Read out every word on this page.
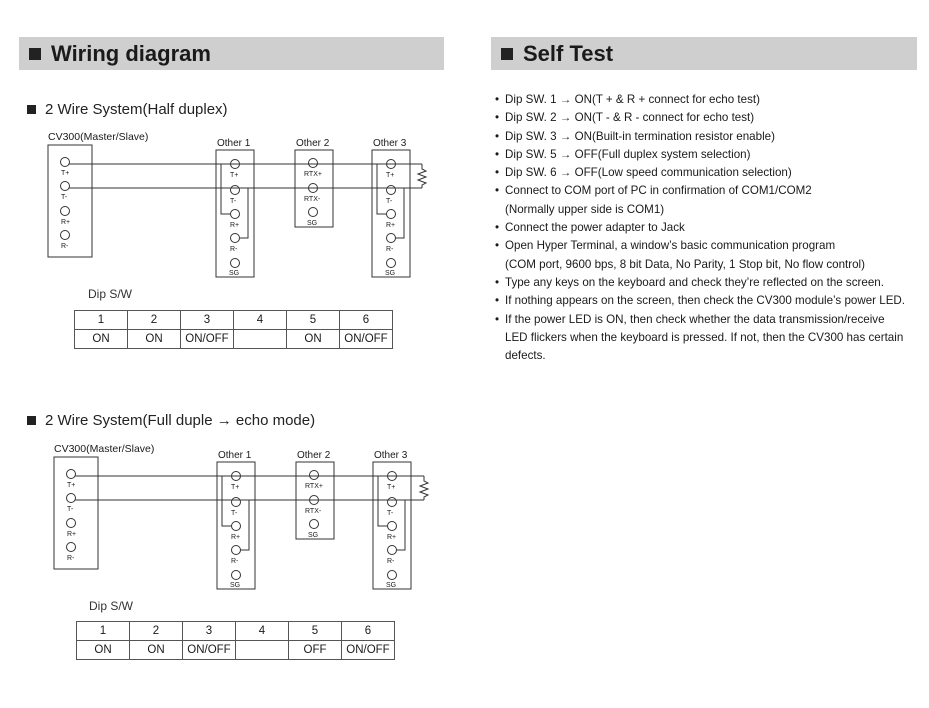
Wiring diagram	Self Test
2 Wire System(Half duplex)
CV300(Master/Slave)
Other 1	Other 2	Other 3
T+
T-
R+
R-
T+
T-
R+
R-
SG
RTX+
RTX-
SG
T+
T-
R+
R-
SG
Dip S/W
1	2	3	4	5	6
ON	ON	ON/OFF		ON	ON/OFF
2 Wire System(Full duple → echo mode)
CV300(Master/Slave)
Other 1	Other 2	Other 3
T+
T-
R+
R-
T+
T-
R+
R-
SG
RTX+
RTX-
SG
T+
T-
R+
R-
SG
Dip S/W
1	2	3	4	5	6
ON	ON	ON/OFF		OFF	ON/OFF
• Dip SW. 1 → ON(T + & R + connect for echo test)
• Dip SW. 2 → ON(T - & R - connect for echo test)
• Dip SW. 3 → ON(Built-in termination resistor enable)
• Dip SW. 5 → OFF(Full duplex system selection)
• Dip SW. 6 → OFF(Low speed communication selection)
• Connect to COM port of PC in confirmation of COM1/COM2
(Normally upper side is COM1)
• Connect the power adapter to Jack
• Open Hyper Terminal, a window’s basic communication program
(COM port, 9600 bps, 8 bit Data, No Parity, 1 Stop bit, No flow control)
• Type any keys on the keyboard and check they’re reflected on the screen.
• If nothing appears on the screen, then check the CV300 module’s power LED.
• If the power LED is ON, then check whether the data transmission/receive
LED flickers when the keyboard is pressed. If not, then the CV300 has certain
defects.
